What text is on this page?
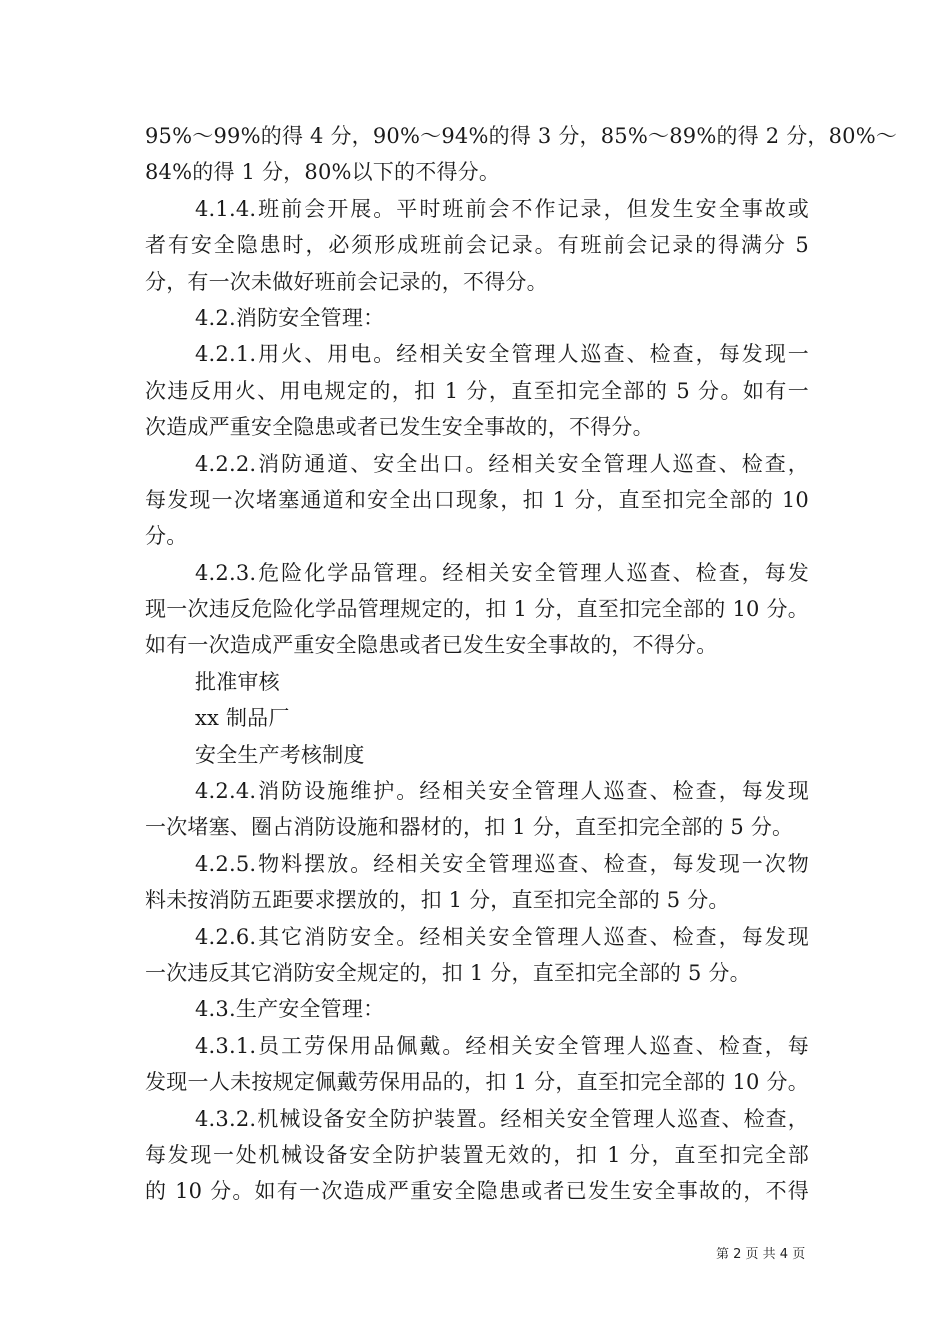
95%～99%的得 4 分，90%～94%的得 3 分，85%～89%的得 2 分，80%～
84%的得 1 分，80%以下的不得分。
4.1.4.班前会开展。平时班前会不作记录，但发生安全事故或
者有安全隐患时，必须形成班前会记录。有班前会记录的得满分 5
分，有一次未做好班前会记录的，不得分。
4.2.消防安全管理：
4.2.1.用火、用电。经相关安全管理人巡查、检查，每发现一
次违反用火、用电规定的，扣 1 分，直至扣完全部的 5 分。如有一
次造成严重安全隐患或者已发生安全事故的，不得分。
4.2.2.消防通道、安全出口。经相关安全管理人巡查、检查，
每发现一次堵塞通道和安全出口现象，扣 1 分，直至扣完全部的 10
分。
4.2.3.危险化学品管理。经相关安全管理人巡查、检查，每发
现一次违反危险化学品管理规定的，扣 1 分，直至扣完全部的 10 分。
如有一次造成严重安全隐患或者已发生安全事故的，不得分。
批准审核
xx 制品厂
安全生产考核制度
4.2.4.消防设施维护。经相关安全管理人巡查、检查，每发现
一次堵塞、圈占消防设施和器材的，扣 1 分，直至扣完全部的 5 分。
4.2.5.物料摆放。经相关安全管理巡查、检查，每发现一次物
料未按消防五距要求摆放的，扣 1 分，直至扣完全部的 5 分。
4.2.6.其它消防安全。经相关安全管理人巡查、检查，每发现
一次违反其它消防安全规定的，扣 1 分，直至扣完全部的 5 分。
4.3.生产安全管理：
4.3.1.员工劳保用品佩戴。经相关安全管理人巡查、检查，每
发现一人未按规定佩戴劳保用品的，扣 1 分，直至扣完全部的 10 分。
4.3.2.机械设备安全防护装置。经相关安全管理人巡查、检查，
每发现一处机械设备安全防护装置无效的，扣 1 分，直至扣完全部
的 10 分。如有一次造成严重安全隐患或者已发生安全事故的，不得
第 2 页 共 4 页
